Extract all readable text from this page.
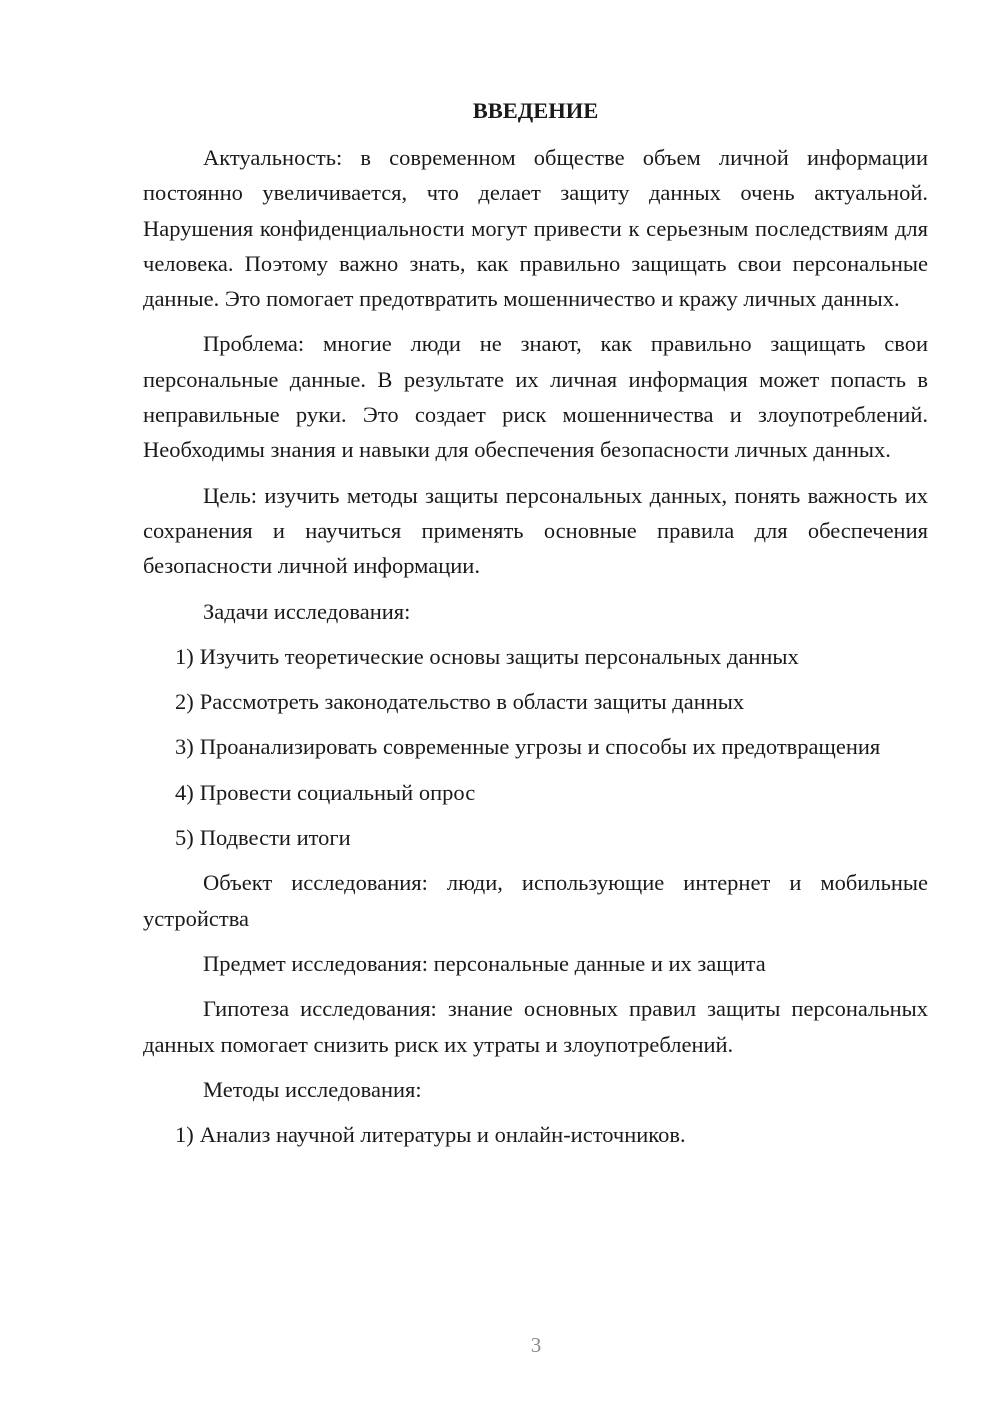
ВВЕДЕНИЕ

Актуальность: в современном обществе объем личной информации постоянно увеличивается, что делает защиту данных очень актуальной. Нарушения конфиденциальности могут привести к серьезным последствиям для человека. Поэтому важно знать, как правильно защищать свои персональные данные. Это помогает предотвратить мошенничество и кражу личных данных.

Проблема: многие люди не знают, как правильно защищать свои персональные данные. В результате их личная информация может попасть в неправильные руки. Это создает риск мошенничества и злоупотреблений. Необходимы знания и навыки для обеспечения безопасности личных данных.

Цель: изучить методы защиты персональных данных, понять важность их сохранения и научиться применять основные правила для обеспечения безопасности личной информации.

Задачи исследования:

1) Изучить теоретические основы защиты персональных данных

2) Рассмотреть законодательство в области защиты данных

3) Проанализировать современные угрозы и способы их предотвращения

4) Провести социальный опрос

5) Подвести итоги

Объект исследования: люди, использующие интернет и мобильные устройства

Предмет исследования: персональные данные и их защита

Гипотеза исследования: знание основных правил защиты персональных данных помогает снизить риск их утраты и злоупотреблений.

Методы исследования:

1) Анализ научной литературы и онлайн-источников.

3
